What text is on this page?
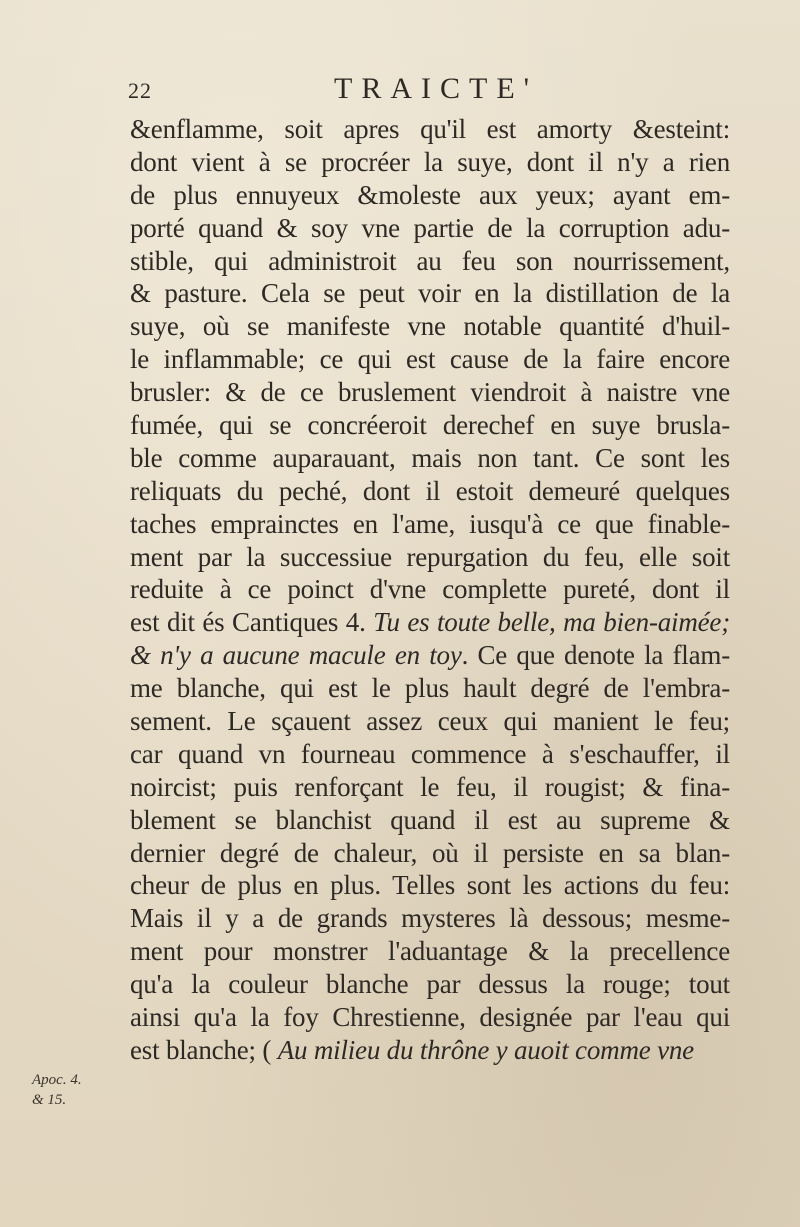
22	TRAICTE'
&enflamme, soit apres qu'il est amorty &esteint:
dont vient à se procréer la suye, dont il n'y a rien
de plus ennuyeux &moleste aux yeux; ayant em-
porté quand & soy vne partie de la corruption adu-
stible, qui administroit au feu son nourrissement,
& pasture. Cela se peut voir en la distillation de la
suye, où se manifeste vne notable quantité d'huil-
le inflammable; ce qui est cause de la faire encore
brusler: & de ce bruslement viendroit à naistre vne
fumée, qui se concréeroit derechef en suye brusla-
ble comme auparauant, mais non tant. Ce sont les
reliquats du peché, dont il estoit demeuré quelques
taches emprainctes en l'ame, iusqu'à ce que finable-
ment par la successiue repurgation du feu, elle soit
reduite à ce poinct d'vne complette pureté, dont il
est dit és Cantiques 4. Tu es toute belle, ma bien-aimée;
& n'y a aucune macule en toy. Ce que denote la flam-
me blanche, qui est le plus hault degré de l'embra-
sement. Le sçauent assez ceux qui manient le feu;
car quand vn fourneau commence à s'eschauffer, il
noircist; puis renforçant le feu, il rougist; & fina-
blement se blanchist quand il est au supreme &
dernier degré de chaleur, où il persiste en sa blan-
cheur de plus en plus. Telles sont les actions du feu:
Mais il y a de grands mysteres là dessous; mesme-
ment pour monstrer l'aduantage & la precellence
qu'a la couleur blanche par dessus la rouge; tout
ainsi qu'a la foy Chrestienne, designée par l'eau qui
est blanche; ( Au milieu du thrône y auoit comme vne
Apoc. 4.
& 15.
